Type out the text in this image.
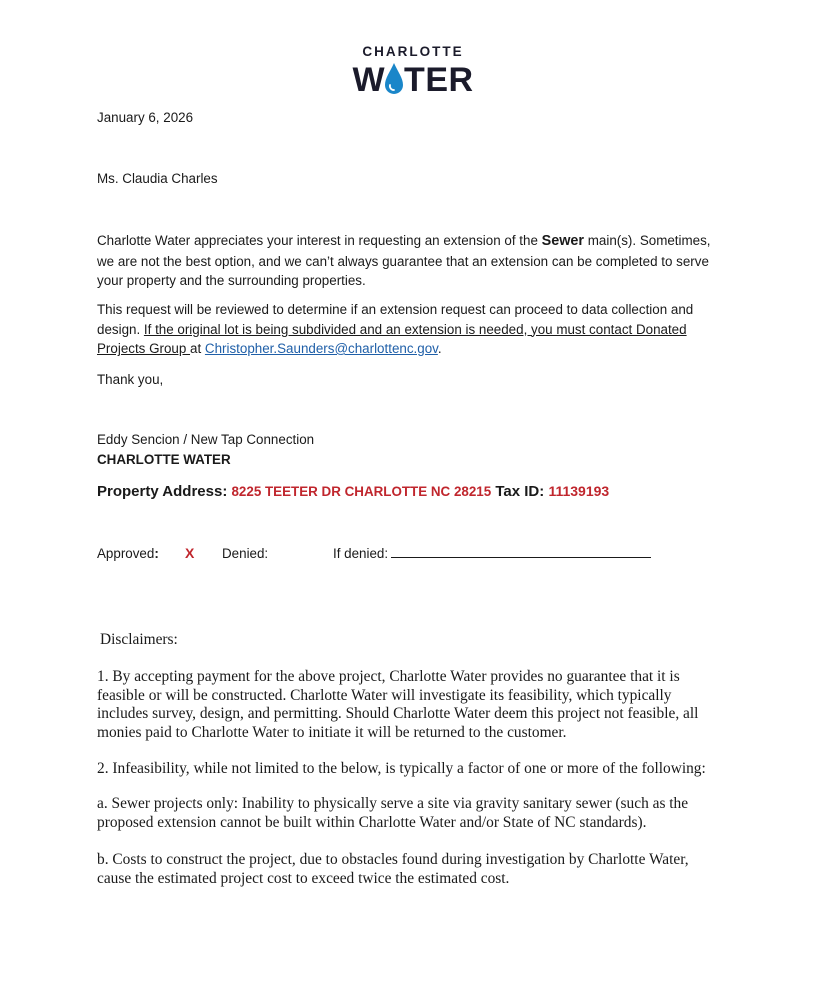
CHARLOTTE
W TER
January 6, 2026
Ms. Claudia Charles
Charlotte Water appreciates your interest in requesting an extension of the Sewer main(s). Sometimes,
we are not the best option, and we can’t always guarantee that an extension can be completed to serve
your property and the surrounding properties.
This request will be reviewed to determine if an extension request can proceed to data collection and
design. If the original lot is being subdivided and an extension is needed, you must contact Donated
Projects Group at Christopher.Saunders@charlottenc.gov.
Thank you,
Eddy Sencion / New Tap Connection
CHARLOTTE WATER
Property Address: 8225 TEETER DR CHARLOTTE NC 28215 Tax ID: 11139193
Approved: X Denied:	If denied:
Disclaimers:
1. By accepting payment for the above project, Charlotte Water provides no guarantee that it is feasible or will be constructed. Charlotte Water will investigate its feasibility, which typically includes survey, design, and permitting. Should Charlotte Water deem this project not feasible, all monies paid to Charlotte Water to initiate it will be returned to the customer.
2. Infeasibility, while not limited to the below, is typically a factor of one or more of the following:
a. Sewer projects only: Inability to physically serve a site via gravity sanitary sewer (such as the proposed extension cannot be built within Charlotte Water and/or State of NC standards).
b. Costs to construct the project, due to obstacles found during investigation by Charlotte Water, cause the estimated project cost to exceed twice the estimated cost.
